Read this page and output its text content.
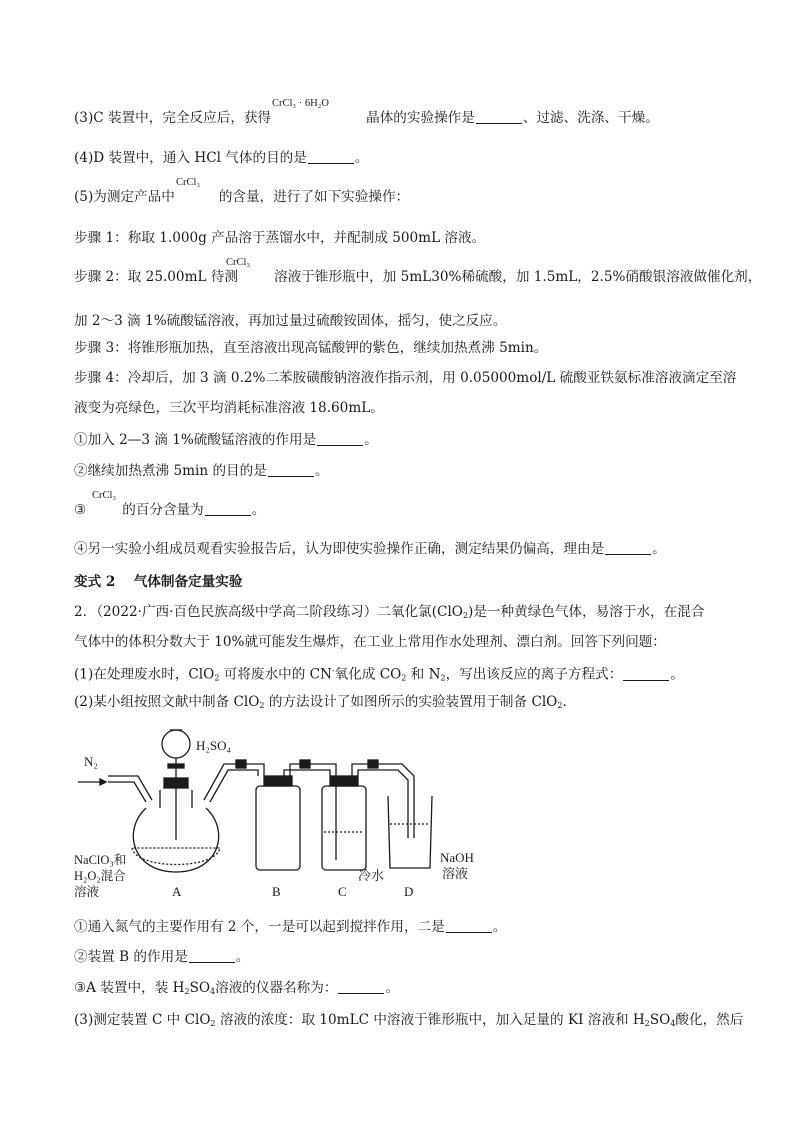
(3)C 装置中，完全反应后，获得	晶体的实验操作是	、过滤、洗涤、干燥。
CrCl₃ · 6H₂O
(4)D 装置中，通入 HCl 气体的目的是	。
(5)为测定产品中	的含量，进行了如下实验操作：
CrCl₃
步骤 1：称取 1.000g 产品溶于蒸馏水中，并配制成 500mL 溶液。
步骤 2：取 25.00mL 待测	溶液于锥形瓶中，加 5mL30%稀硫酸，加 1.5mL，2.5%硝酸银溶液做催化剂，
CrCl₃
加 2～3 滴 1%硫酸锰溶液，再加过量过硫酸铵固体，摇匀，使之反应。
步骤 3：将锥形瓶加热，直至溶液出现高锰酸钾的紫色，继续加热煮沸 5min。
步骤 4：冷却后，加 3 滴 0.2%二苯胺磺酸钠溶液作指示剂，用 0.05000mol/L 硫酸亚铁氨标准溶液滴定至溶
液变为亮绿色，三次平均消耗标准溶液 18.60mL。
①加入 2—3 滴 1%硫酸锰溶液的作用是	。
②继续加热煮沸 5min 的目的是	。
③	的百分含量为	。
CrCl₃
④另一实验小组成员观看实验报告后，认为即使实验操作正确，测定结果仍偏高，理由是	。
变式 2　 气体制备定量实验
2．（2022·广西·百色民族高级中学高二阶段练习）二氧化氯(ClO$_2$)是一种黄绿色气体，易溶于水，在混合
气体中的体积分数大于 10%就可能发生爆炸，在工业上常用作水处理剂、漂白剂。回答下列问题：
(1)在处理废水时，ClO$_2$ 可将废水中的 CN-氧化成 $CO_2$ 和 $N_2$，写出该反应的离子方程式：	。
(2)某小组按照文献中制备 ClO$_2$ 的方法设计了如图所示的实验装置用于制备 ClO$_2$.
N₂
H₂SO₄
NaClO₃和
H₂O₂混合
溶液
冷水
NaOH
溶液
A	B	C	D
①通入氮气的主要作用有 2 个，一是可以起到搅拌作用，二是	。
②装置 B 的作用是	。
③A 装置中，装 $H_2SO_4$溶液的仪器名称为：	。
(3)测定装置 C 中 ClO$_2$ 溶液的浓度：取 10mLC 中溶液于锥形瓶中，加入足量的 KI 溶液和 $H_2SO_4$酸化，然后
